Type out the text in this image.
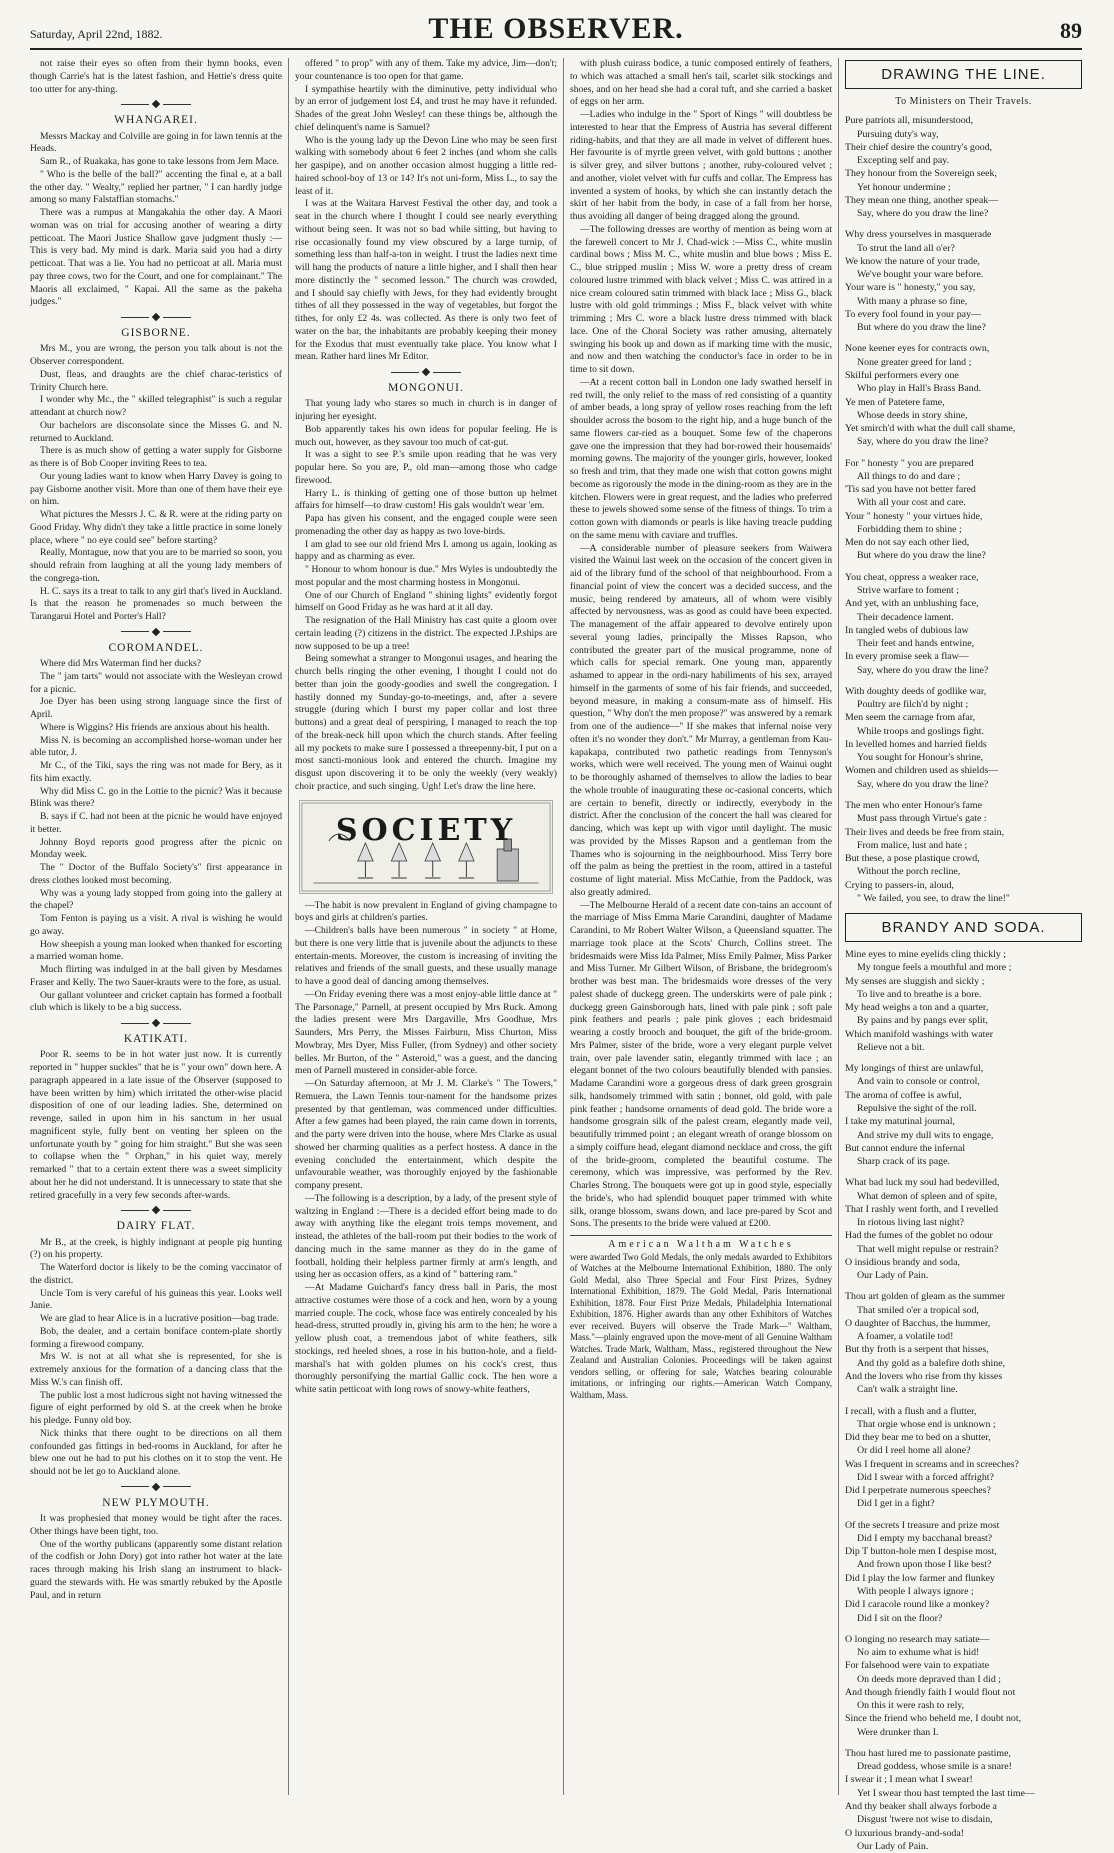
Saturday, April 22nd, 1882.	THE OBSERVER.	89

not raise their eyes so often from their hymn books, even though Carrie's hat is the latest fashion, and Hettie's dress quite too utter for any-thing.

WHANGAREI.

Messrs Mackay and Colville are going in for lawn tennis at the Heads.

Sam R., of Ruakaka, has gone to take lessons from Jem Mace.

" Who is the belle of the ball?" accenting the final e, at a ball the other day. " Wealty," replied her partner, " I can hardly judge among so many Falstaffian stomachs."

There was a rumpus at Mangakahia the other day. A Maori woman was on trial for accusing another of wearing a dirty petticoat. The Maori Justice Shallow gave judgment thusly :—This is very bad. My mind is dark. Maria said you had a dirty petticoat. That was a lie. You had no petticoat at all. Maria must pay three cows, two for the Court, and one for complainant." The Maoris all exclaimed, " Kapai. All the same as the pakeha judges."

GISBORNE.

Mrs M., you are wrong, the person you talk about is not the Observer correspondent.

Dust, fleas, and draughts are the chief charac-teristics of Trinity Church here.

I wonder why Mc., the " skilled telegraphist" is such a regular attendant at church now?

Our bachelors are disconsolate since the Misses G. and N. returned to Auckland.

There is as much show of getting a water supply for Gisborne as there is of Bob Cooper inviting Rees to tea.

Our young ladies want to know when Harry Davey is going to pay Gisborne another visit. More than one of them have their eye on him.

What pictures the Messrs J. C. & R. were at the riding party on Good Friday. Why didn't they take a little practice in some lonely place, where " no eye could see" before starting?

Really, Montague, now that you are to be married so soon, you should refrain from laughing at all the young lady members of the congrega-tion.

H. C. says its a treat to talk to any girl that's lived in Auckland. Is that the reason he promenades so much between the Tarangarui Hotel and Porter's Hall?

COROMANDEL.

Where did Mrs Waterman find her ducks?

The " jam tarts" would not associate with the Wesleyan crowd for a picnic.

Joe Dyer has been using strong language since the first of April.

Where is Wiggins? His friends are anxious about his health.

Miss N. is becoming an accomplished horse-woman under her able tutor, J.

Mr C., of the Tiki, says the ring was not made for Bery, as it fits him exactly.

Why did Miss C. go in the Lottie to the picnic? Was it because Blink was there?

B. says if C. had not been at the picnic he would have enjoyed it better.

Johnny Boyd reports good progress after the picnic on Monday week.

The " Doctor of the Buffalo Society's" first appearance in dress clothes looked most becoming.

Why was a young lady stopped from going into the gallery at the chapel?

Tom Fenton is paying us a visit. A rival is wishing he would go away.

How sheepish a young man looked when thanked for escorting a married woman home.

Much flirting was indulged in at the ball given by Mesdames Fraser and Kelly. The two Sauer-krauts were to the fore, as usual.

Our gallant volunteer and cricket captain has formed a football club which is likely to be a big success.

KATIKATI.

Poor R. seems to be in hot water just now. It is currently reported in " hupper suckles" that he is " your own" down here. A paragraph appeared in a late issue of the Observer (supposed to have been written by him) which irritated the other-wise placid disposition of one of our leading ladies. She, determined on revenge, sailed in upon him in his sanctum in her usual magnificent style, fully bent on venting her spleen on the unfortunate youth by " going for him straight." But she was seen to collapse when the " Orphan," in his quiet way, merely remarked " that to a certain extent there was a sweet simplicity about her he did not understand. It is unnecessary to state that she retired gracefully in a very few seconds after-wards.

DAIRY FLAT.

Mr B., at the creek, is highly indignant at people pig hunting (?) on his property.

The Waterford doctor is likely to be the coming vaccinator of the district.

Uncle Tom is very careful of his guineas this year. Looks well Janie.

We are glad to hear Alice is in a lucrative position—bag trade.

Bob, the dealer, and a certain boniface contem-plate shortly forming a firewood company.

Mrs W. is not at all what she is represented, for she is extremely anxious for the formation of a dancing class that the Miss W.'s can finish off.

The public lost a most ludicrous sight not having witnessed the figure of eight performed by old S. at the creek when he broke his pledge. Funny old boy.

Nick thinks that there ought to be directions on all them confounded gas fittings in bed-rooms in Auckland, for after he blew one out he had to put his clothes on it to stop the vent. He should not be let go to Auckland alone.

NEW PLYMOUTH.

It was prophesied that money would be tight after the races. Other things have been tight, too.

One of the worthy publicans (apparently some distant relation of the codfish or John Dory) got into rather hot water at the late races through making his Irish slang an instrument to black-guard the stewards with. He was smartly rebuked by the Apostle Paul, and in return

offered " to prop" with any of them. Take my advice, Jim—don't; your countenance is too open for that game.

I sympathise heartily with the diminutive, petty individual who by an error of judgement lost £4, and trust he may have it refunded. Shades of the great John Wesley! can these things be, although the chief delinquent's name is Samuel?

Who is the young lady up the Devon Line who may be seen first walking with somebody about 6 feet 2 inches (and whom she calls her gaspipe), and on another occasion almost hugging a little red-haired school-boy of 13 or 14? It's not uni-form, Miss L., to say the least of it.

I was at the Waitara Harvest Festival the other day, and took a seat in the church where I thought I could see nearly everything without being seen. It was not so bad while sitting, but having to rise occasionally found my view obscured by a large turnip, of something less than half-a-ton in weight. I trust the ladies next time will hang the products of nature a little higher, and I shall then hear more distinctly the " secomed lesson." The church was crowded, and I should say chiefly with Jews, for they had evidently brought tithes of all they possessed in the way of vegetables, but forgot the tithes, for only £2 4s. was collected. As there is only two feet of water on the bar, the inhabitants are probably keeping their money for the Exodus that must eventually take place. You know what I mean. Rather hard lines Mr Editor.

MONGONUI.

That young lady who stares so much in church is in danger of injuring her eyesight.

Bob apparently takes his own ideas for popular feeling. He is much out, however, as they savour too much of cat-gut.

It was a sight to see P.'s smile upon reading that he was very popular here. So you are, P., old man—among those who cadge firewood.

Harry L. is thinking of getting one of those button up helmet affairs for himself—to draw custom! His gals wouldn't wear 'em.

Papa has given his consent, and the engaged couple were seen promenading the other day as happy as two love-birds.

I am glad to see our old friend Mrs I. among us again, looking as happy and as charming as ever.

" Honour to whom honour is due." Mrs Wyles is undoubtedly the most popular and the most charming hostess in Mongonui.

One of our Church of England " shining lights" evidently forgot himself on Good Friday as he was hard at it all day.

The resignation of the Hall Ministry has cast quite a gloom over certain leading (?) citizens in the district. The expected J.P.ships are now supposed to be up a tree!

Being somewhat a stranger to Mongonui usages, and hearing the church bells ringing the other evening, I thought I could not do better than join the goody-goodies and swell the congregation. I hastily donned my Sunday-go-to-meetings, and, after a severe struggle (during which I burst my paper collar and lost three buttons) and a great deal of perspiring, I managed to reach the top of the break-neck hill upon which the church stands. After feeling all my pockets to make sure I possessed a threepenny-bit, I put on a most sancti-monious look and entered the church. Imagine my disgust upon discovering it to be only the weekly (very weakly) choir practice, and such singing. Ugh! Let's draw the line here.

SOCIETY

—The habit is now prevalent in England of giving champagne to boys and girls at children's parties.

—Children's balls have been numerous " in society " at Home, but there is one very little that is juvenile about the adjuncts to these entertain-ments. Moreover, the custom is increasing of inviting the relatives and friends of the small guests, and these usually manage to have a good deal of dancing among themselves.

—On Friday evening there was a most enjoy-able little dance at " The Parsonage," Parnell, at present occupied by Mrs Ruck. Among the ladies present were Mrs Dargaville, Mrs Goodhue, Mrs Saunders, Mrs Perry, the Misses Fairburn, Miss Churton, Miss Mowbray, Mrs Dyer, Miss Fuller, (from Sydney) and other society belles. Mr Burton, of the " Asteroid," was a guest, and the dancing men of Parnell mustered in consider-able force.

—On Saturday afternoon, at Mr J. M. Clarke's " The Towers," Remuera, the Lawn Tennis tour-nament for the handsome prizes presented by that gentleman, was commenced under difficulties. After a few games had been played, the rain came down in torrents, and the party were driven into the house, where Mrs Clarke as usual showed her charming qualities as a perfect hostess. A dance in the evening concluded the entertainment, which despite the unfavourable weather, was thoroughly enjoyed by the fashionable company present.

—The following is a description, by a lady, of the present style of waltzing in England :—There is a decided effort being made to do away with anything like the elegant trois temps movement, and instead, the athletes of the ball-room put their bodies to the work of dancing much in the same manner as they do in the game of football, holding their helpless partner firmly at arm's length, and using her as occasion offers, as a kind of " battering ram."

—At Madame Guichard's fancy dress ball in Paris, the most attractive costumes were those of a cock and hen, worn by a young married couple. The cock, whose face was entirely concealed by his head-dress, strutted proudly in, giving his arm to the hen; he wore a yellow plush coat, a tremendous jabot of white feathers, silk stockings, red heeled shoes, a rose in his button-hole, and a field-marshal's hat with golden plumes on his cock's crest, thus thoroughly personifying the martial Gallic cock. The hen wore a white satin petticoat with long rows of snowy-white feathers,

with plush cuirass bodice, a tunic composed entirely of feathers, to which was attached a small hen's tail, scarlet silk stockings and shoes, and on her head she had a coral tuft, and she carried a basket of eggs on her arm.

—Ladies who indulge in the " Sport of Kings " will doubtless be interested to hear that the Empress of Austria has several different riding-habits, and that they are all made in velvet of different hues. Her favourite is of myrtle green velvet, with gold buttons ; another is silver grey, and silver buttons ; another, ruby-coloured velvet ; and another, violet velvet with fur cuffs and collar. The Empress has invented a system of hooks, by which she can instantly detach the skirt of her habit from the body, in case of a fall from her horse, thus avoiding all danger of being dragged along the ground.

—The following dresses are worthy of mention as being worn at the farewell concert to Mr J. Chad-wick :—Miss C., white muslin cardinal bows ; Miss M. C., white muslin and blue bows ; Miss E. C., blue stripped muslin ; Miss W. wore a pretty dress of cream coloured lustre trimmed with black velvet ; Miss C. was attired in a nice cream coloured satin trimmed with black lace ; Miss G., black lustre with old gold trimmings ; Miss F., black velvet with white trimming ; Mrs C. wore a black lustre dress trimmed with black lace. One of the Choral Society was rather amusing, alternately swinging his book up and down as if marking time with the music, and now and then watching the conductor's face in order to be in time to sit down.

—At a recent cotton ball in London one lady swathed herself in red twill, the only relief to the mass of red consisting of a quantity of amber beads, a long spray of yellow roses reaching from the left shoulder across the bosom to the right hip, and a huge bunch of the same flowers car-ried as a bouquet. Some few of the chaperons gave one the impression that they had bor-rowed their housemaids' morning gowns. The majority of the younger girls, however, looked so fresh and trim, that they made one wish that cotton gowns might become as rigorously the mode in the dining-room as they are in the kitchen. Flowers were in great request, and the ladies who preferred these to jewels showed some sense of the fitness of things. To trim a cotton gown with diamonds or pearls is like having treacle pudding on the same menu with caviare and truffles.

—A considerable number of pleasure seekers from Waiwera visited the Wainui last week on the occasion of the concert given in aid of the library fund of the school of that neighbourhood. From a financial point of view the concert was a decided success, and the music, being rendered by amateurs, all of whom were visibly affected by nervousness, was as good as could have been expected. The management of the affair appeared to devolve entirely upon several young ladies, principally the Misses Rapson, who contributed the greater part of the musical programme, none of which calls for special remark. One young man, apparently ashamed to appear in the ordi-nary habiliments of his sex, arrayed himself in the garments of some of his fair friends, and succeeded, beyond measure, in making a consum-mate ass of himself. His question, " Why don't the men propose?" was answered by a remark from one of the audience—" If she makes that infernal noise very often it's no wonder they don't." Mr Murray, a gentleman from Kau-kapakapa, contributed two pathetic readings from Tennyson's works, which were well received. The young men of Wainui ought to be thoroughly ashamed of themselves to allow the ladies to bear the whole trouble of inaugurating these oc-casional concerts, which are certain to benefit, directly or indirectly, everybody in the district. After the conclusion of the concert the hall was cleared for dancing, which was kept up with vigor until daylight. The music was provided by the Misses Rapson and a gentleman from the Thames who is sojourning in the neighbourhood. Miss Terry bore off the palm as being the prettiest in the room, attired in a tasteful costume of light material. Miss McCathie, from the Paddock, was also greatly admired.

—The Melbourne Herald of a recent date con-tains an account of the marriage of Miss Emma Marie Carandini, daughter of Madame Carandini, to Mr Robert Walter Wilson, a Queensland squatter. The marriage took place at the Scots' Church, Collins street. The bridesmaids were Miss Ida Palmer, Miss Emily Palmer, Miss Parker and Miss Turner. Mr Gilbert Wilson, of Brisbane, the bridegroom's brother was best man. The bridesmaids wore dresses of the very palest shade of duckegg green. The underskirts were of pale pink ; duckegg green Gainsborough hats, lined with pale pink ; soft pale pink feathers and pearls ; pale pink gloves ; each bridesmaid wearing a costly brooch and bouquet, the gift of the bride-groom. Mrs Palmer, sister of the bride, wore a very elegant purple velvet train, over pale lavender satin, elegantly trimmed with lace ; an elegant bonnet of the two colours beautifully blended with pansies. Madame Carandini wore a gorgeous dress of dark green grosgrain silk, handsomely trimmed with satin ; bonnet, old gold, with pale pink feather ; handsome ornaments of dead gold. The bride wore a handsome grosgrain silk of the palest cream, elegantly made veil, beautifully trimmed point ; an elegant wreath of orange blossom on a simply coiffure head, elegant diamond necklace and cross, the gift of the bride-groom, completed the beautiful costume. The ceremony, which was impressive, was performed by the Rev. Charles Strong. The bouquets were got up in good style, especially the bride's, who had splendid bouquet paper trimmed with white silk, orange blossom, swans down, and lace pre-pared by Scot and Sons. The presents to the bride were valued at £200.

American Waltham Watches
were awarded Two Gold Medals, the only medals awarded to Exhibitors of Watches at the Melbourne International Exhibition, 1880. The only Gold Medal, also Three Special and Four First Prizes, Sydney International Exhibition, 1879. The Gold Medal, Paris International Exhibition, 1878. Four First Prize Medals, Philadelphia International Exhibition, 1876. Higher awards than any other Exhibitors of Watches ever received. Buyers will observe the Trade Mark—" Waltham, Mass."—plainly engraved upon the move-ment of all Genuine Waltham Watches. Trade Mark, Waltham, Mass., registered throughout the New Zealand and Australian Colonies. Proceedings will be taken against vendors selling, or offering for sale, Watches bearing colourable imitations, or infringing our rights.—American Watch Company, Waltham, Mass.
DRAWING THE LINE.
To Ministers on Their Travels.
Pure patriots all, misunderstood,
Pursuing duty's way,
Their chief desire the country's good,
Excepting self and pay.
They honour from the Sovereign seek,
Yet honour undermine ;
They mean one thing, another speak—
Say, where do you draw the line?
Why dress yourselves in masquerade
To strut the land all o'er?
We know the nature of your trade,
We've bought your ware before.
Your ware is " honesty," you say,
With many a phrase so fine,
To every fool found in your pay—
But where do you draw the line?
None keener eyes for contracts own,
None greater greed for land ;
Skilful performers every one
Who play in Hall's Brass Band.
Ye men of Patetere fame,
Whose deeds in story shine,
Yet smirch'd with what the dull call shame,
Say, where do you draw the line?
For " honesty " you are prepared
All things to do and dare ;
'Tis sad you have not better fared
With all your cost and care.
Your " honesty " your virtues hide,
Forbidding them to shine ;
Men do not say each other lied,
But where do you draw the line?
You cheat, oppress a weaker race,
Strive warfare to foment ;
And yet, with an unblushing face,
Their decadence lament.
In tangled webs of dubious law
Their feet and hands entwine,
In every promise seek a flaw—
Say, where do you draw the line?
With doughty deeds of godlike war,
Poultry are filch'd by night ;
Men seem the carnage from afar,
While troops and goslings fight.
In levelled homes and harried fields
You sought for Honour's shrine,
Women and children used as shields—
Say, where do you draw the line?
The men who enter Honour's fame
Must pass through Virtue's gate :
Their lives and deeds be free from stain,
From malice, lust and hate ;
But these, a pose plastique crowd,
Without the porch recline,
Crying to passers-in, aloud,
" We failed, you see, to draw the line!"
BRANDY AND SODA.
Mine eyes to mine eyelids cling thickly ;
My tongue feels a mouthful and more ;
My senses are sluggish and sickly ;
To live and to breathe is a bore.
My head weighs a ton and a quarter,
By pains and by pangs ever split,
Which manifold washings with water
Relieve not a bit.
My longings of thirst are unlawful,
And vain to console or control,
The aroma of coffee is awful,
Repulsive the sight of the roll.
I take my matutinal journal,
And strive my dull wits to engage,
But cannot endure the infernal
Sharp crack of its page.
What bad luck my soul had bedevilled,
What demon of spleen and of spite,
That I rashly went forth, and I revelled
In riotous living last night?
Had the fumes of the goblet no odour
That well might repulse or restrain?
O insidious brandy and soda,
Our Lady of Pain.
Thou art golden of gleam as the summer
That smiled o'er a tropical sod,
O daughter of Bacchus, the hummer,
A foamer, a volatile tod!
But thy froth is a serpent that hisses,
And thy gold as a balefire doth shine,
And the lovers who rise from thy kisses
Can't walk a straight line.
I recall, with a flush and a flutter,
That orgie whose end is unknown ;
Did they bear me to bed on a shutter,
Or did I reel home all alone?
Was I frequent in screams and in screeches?
Did I swear with a forced affright?
Did I perpetrate numerous speeches?
Did I get in a fight?
Of the secrets I treasure and prize most
Did I empty my bacchanal breast?
Dip T button-hole men I despise most,
And frown upon those I like best?
Did I play the low farmer and flunkey
With people I always ignore ;
Did I caracole round like a monkey?
Did I sit on the floor?
O longing no research may satiate—
No aim to exhume what is hid!
For falsehood were vain to expatiate
On deeds more depraved than I did ;
And though friendly faith I would flout not
On this it were rash to rely,
Since the friend who beheld me, I doubt not,
Were drunker than I.
Thou hast lured me to passionate pastime,
Dread goddess, whose smile is a snare!
I swear it ; I mean what I swear!
Yet I swear thou hast tempted the last time—
And thy beaker shall always forbode a
Disgust 'twere not wise to disdain,
O luxurious brandy-and-soda!
Our Lady of Pain.
